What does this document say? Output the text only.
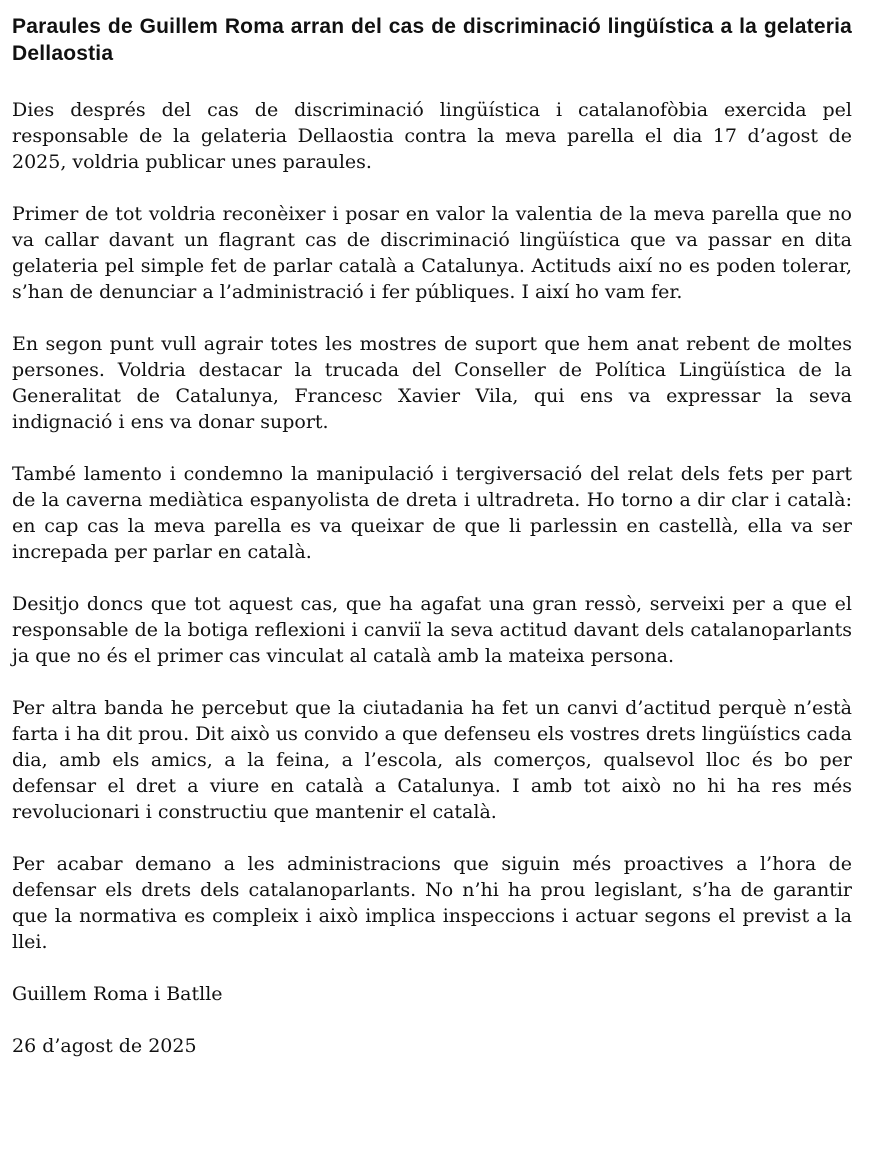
Paraules de Guillem Roma arran del cas de discriminació lingüística a la gelateria Dellaostia
Dies després del cas de discriminació lingüística i catalanofòbia exercida pel responsable de la gelateria Dellaostia contra la meva parella el dia 17 d’agost de 2025, voldria publicar unes paraules.
Primer de tot voldria reconèixer i posar en valor la valentia de la meva parella que no va callar davant un flagrant cas de discriminació lingüística que va passar en dita gelateria pel simple fet de parlar català a Catalunya. Actituds així no es poden tolerar, s’han de denunciar a l’administració i fer públiques. I així ho vam fer.
En segon punt vull agrair totes les mostres de suport que hem anat rebent de moltes persones. Voldria destacar la trucada del Conseller de Política Lingüística de la Generalitat de Catalunya, Francesc Xavier Vila, qui ens va expressar la seva indignació i ens va donar suport.
També lamento i condemno la manipulació i tergiversació del relat dels fets per part de la caverna mediàtica espanyolista de dreta i ultradreta. Ho torno a dir clar i català: en cap cas la meva parella es va queixar de que li parlessin en castellà, ella va ser increpada per parlar en català.
Desitjo doncs que tot aquest cas, que ha agafat una gran ressò, serveixi per a que el responsable de la botiga reflexioni i canviï la seva actitud davant dels catalanoparlants ja que no és el primer cas vinculat al català amb la mateixa persona.
Per altra banda he percebut que la ciutadania ha fet un canvi d’actitud perquè n’està farta i ha dit prou. Dit això us convido a que defenseu els vostres drets lingüístics cada dia, amb els amics, a la feina, a l’escola, als comerços, qualsevol lloc és bo per defensar el dret a viure en català a Catalunya. I amb tot això no hi ha res més revolucionari i constructiu que mantenir el català.
Per acabar demano a les administracions que siguin més proactives a l’hora de defensar els drets dels catalanoparlants. No n’hi ha prou legislant, s’ha de garantir que la normativa es compleix i això implica inspeccions i actuar segons el previst a la llei.
Guillem Roma i Batlle
26 d’agost de 2025
